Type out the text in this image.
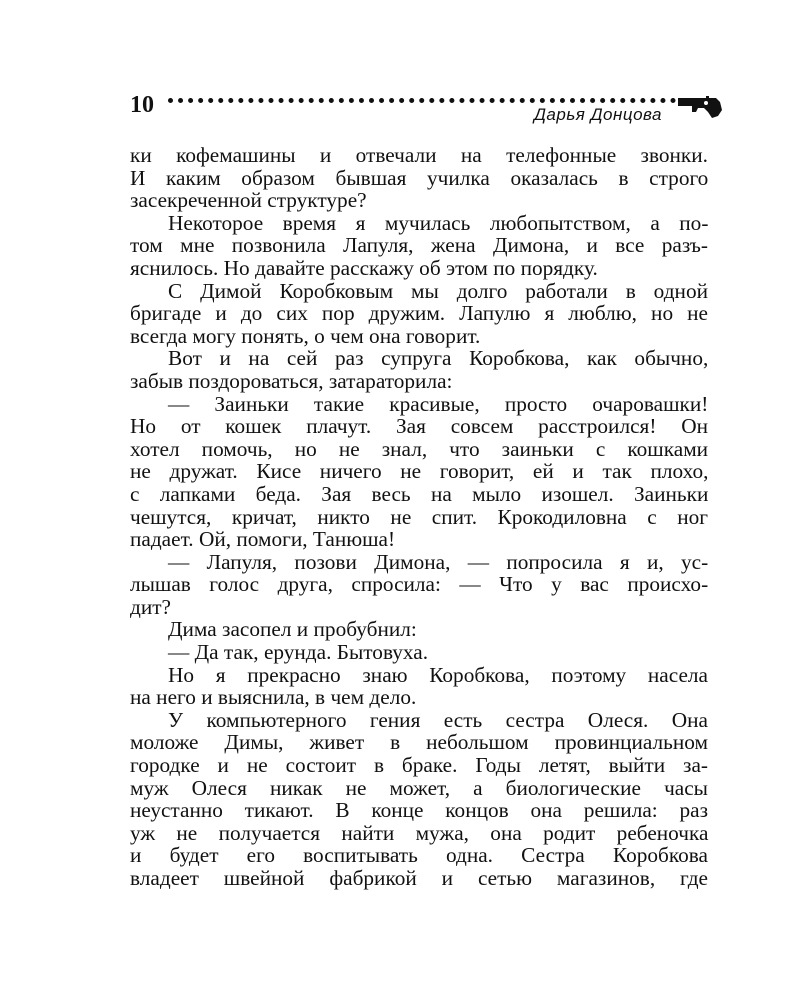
10	Дарья Донцова
ки кофемашины и отвечали на телефонные звонки.
И каким образом бывшая училка оказалась в строго
засекреченной структуре?
Некоторое время я мучилась любопытством, а по-
том мне позвонила Лапуля, жена Димона, и все разъ-
яснилось. Но давайте расскажу об этом по порядку.
С Димой Коробковым мы долго работали в одной
бригаде и до сих пор дружим. Лапулю я люблю, но не
всегда могу понять, о чем она говорит.
Вот и на сей раз супруга Коробкова, как обычно,
забыв поздороваться, затараторила:
— Заиньки такие красивые, просто очаровашки!
Но от кошек плачут. Зая совсем расстроился! Он
хотел помочь, но не знал, что заиньки с кошками
не дружат. Кисе ничего не говорит, ей и так плохо,
с лапками беда. Зая весь на мыло изошел. Заиньки
чешутся, кричат, никто не спит. Крокодиловна с ног
падает. Ой, помоги, Танюша!
— Лапуля, позови Димона, — попросила я и, ус-
лышав голос друга, спросила: — Что у вас происхо-
дит?
Дима засопел и пробубнил:
— Да так, ерунда. Бытовуха.
Но я прекрасно знаю Коробкова, поэтому насела
на него и выяснила, в чем дело.
У компьютерного гения есть сестра Олеся. Она
моложе Димы, живет в небольшом провинциальном
городке и не состоит в браке. Годы летят, выйти за-
муж Олеся никак не может, а биологические часы
неустанно тикают. В конце концов она решила: раз
уж не получается найти мужа, она родит ребеночка
и будет его воспитывать одна. Сестра Коробкова
владеет швейной фабрикой и сетью магазинов, где
